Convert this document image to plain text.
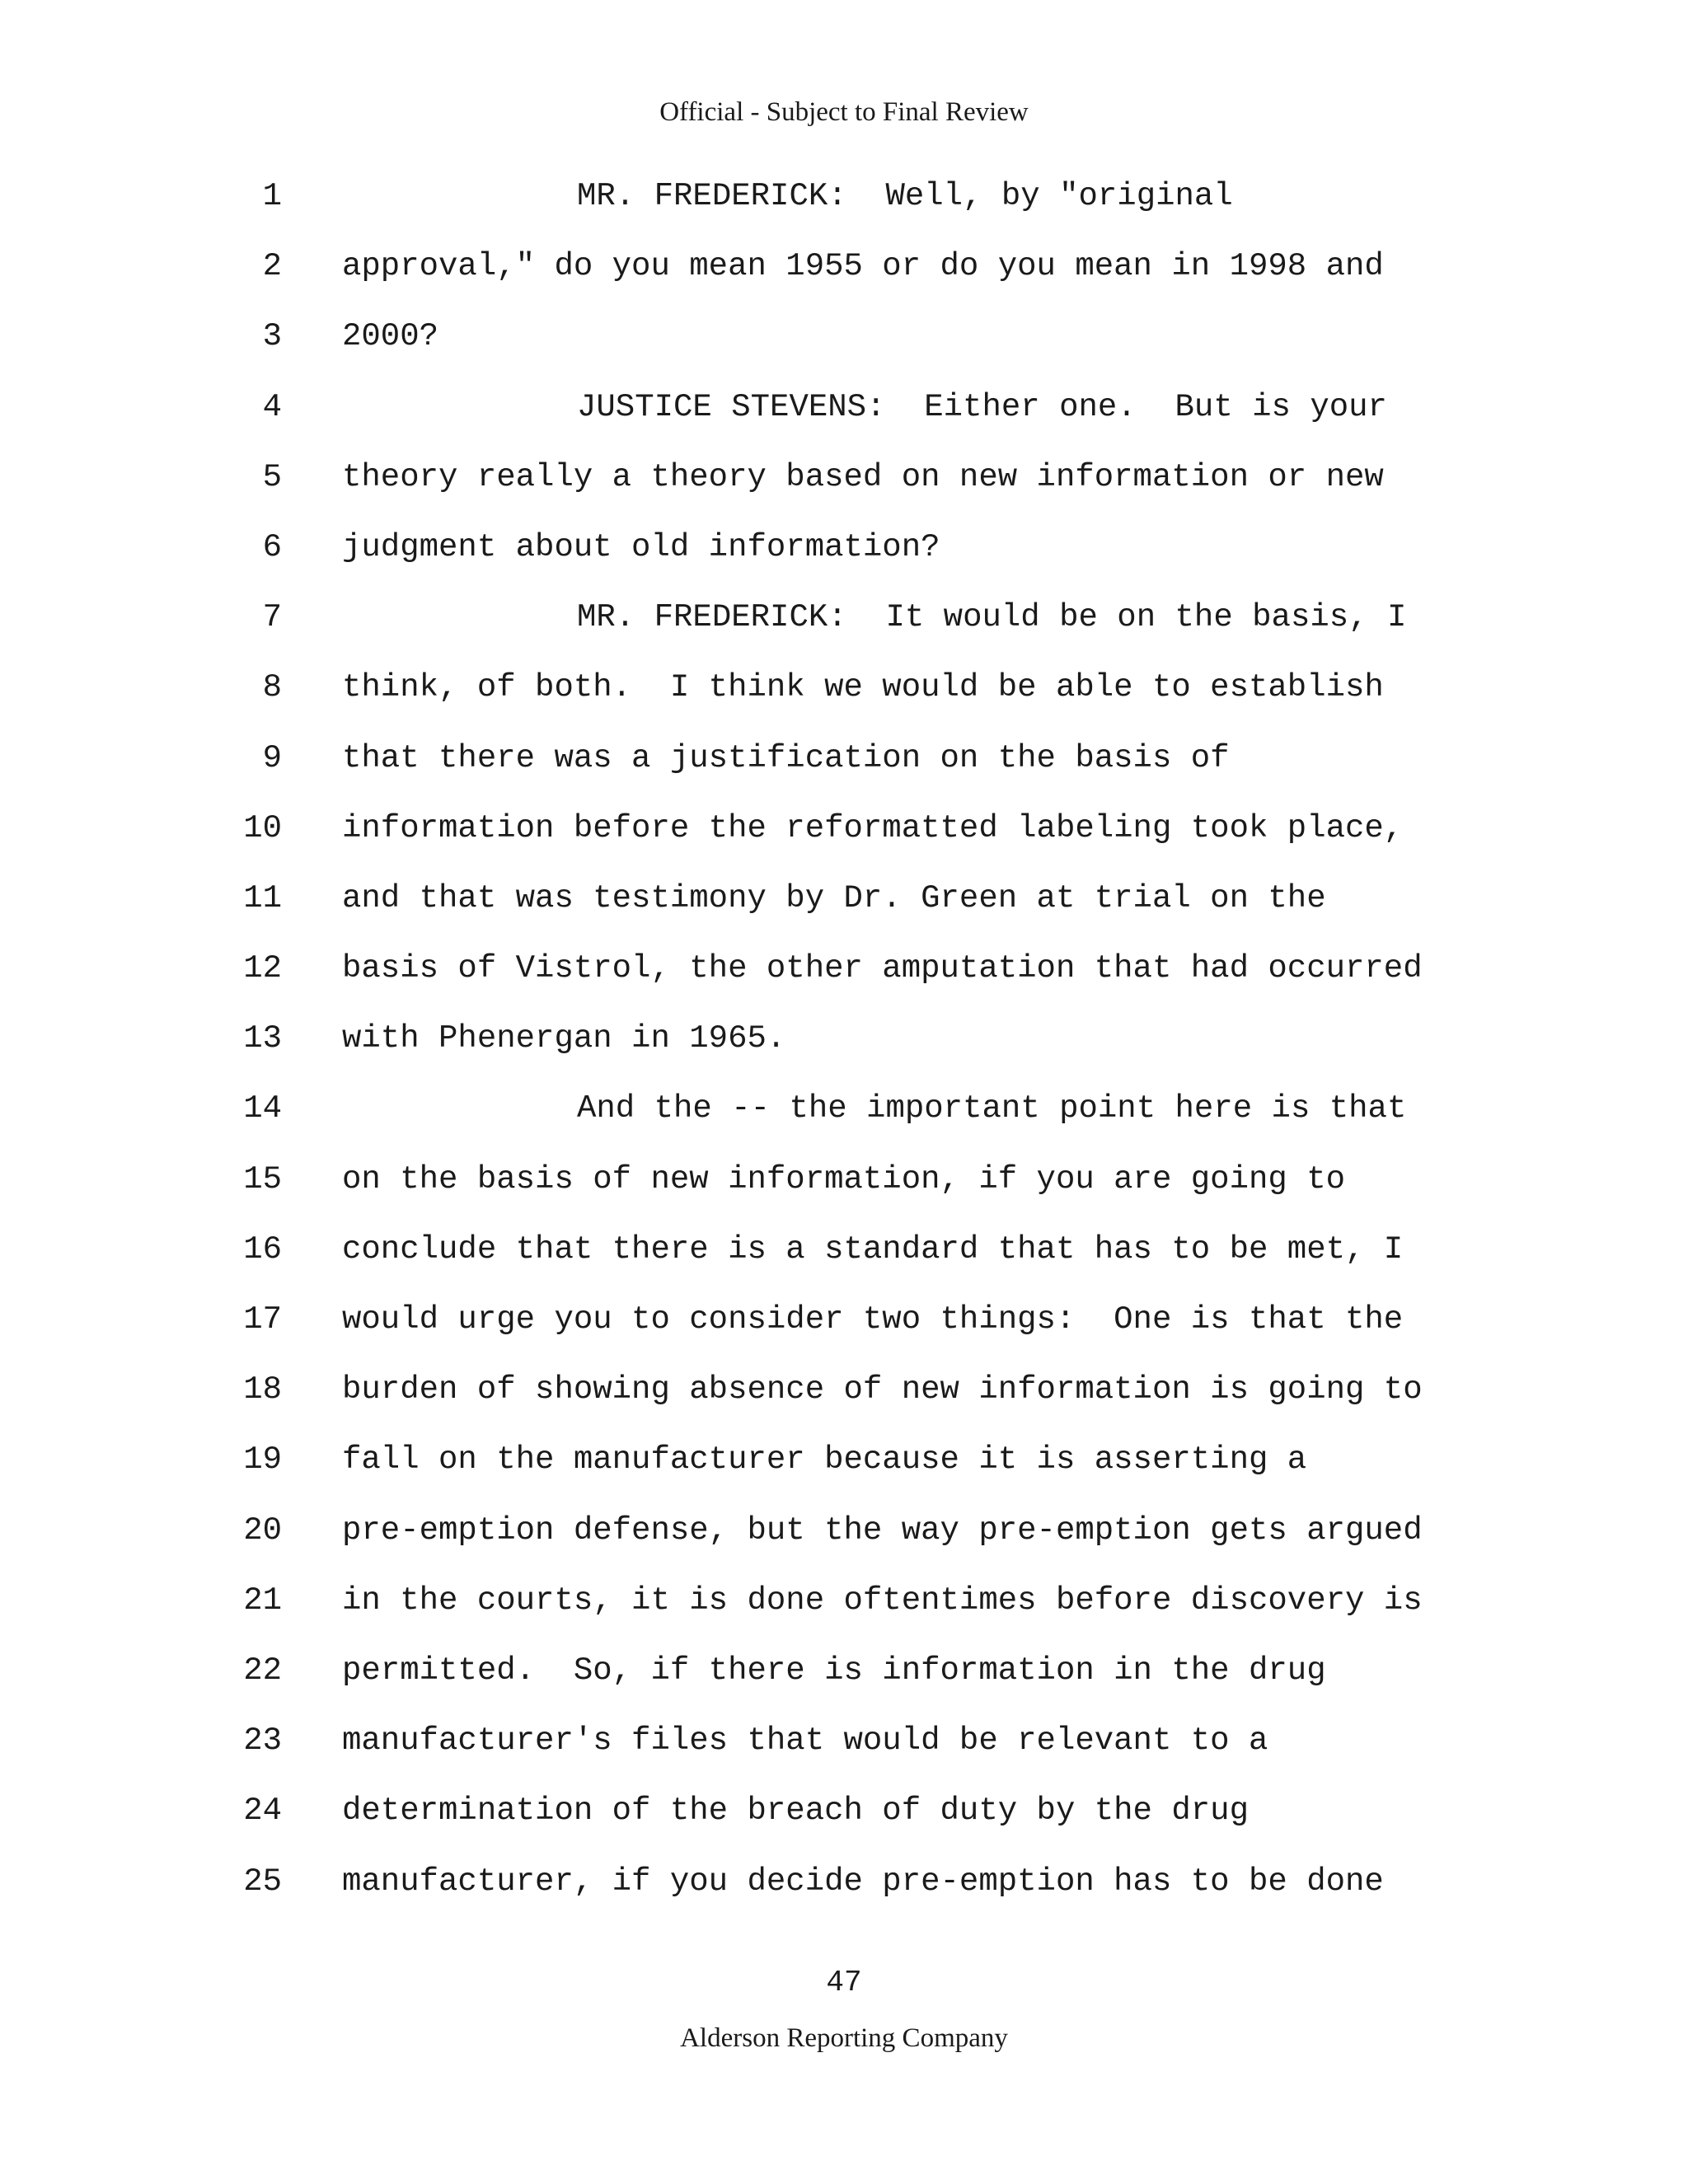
Official - Subject to Final Review
1	MR. FREDERICK:  Well, by "original
2 approval," do you mean 1955 or do you mean in 1998 and
3 2000?
4	JUSTICE STEVENS:  Either one.  But is your
5 theory really a theory based on new information or new
6 judgment about old information?
7	MR. FREDERICK:  It would be on the basis, I
8 think, of both.  I think we would be able to establish
9 that there was a justification on the basis of
10 information before the reformatted labeling took place,
11 and that was testimony by Dr. Green at trial on the
12 basis of Vistrol, the other amputation that had occurred
13 with Phenergan in 1965.
14	And the -- the important point here is that
15 on the basis of new information, if you are going to
16 conclude that there is a standard that has to be met, I
17 would urge you to consider two things:  One is that the
18 burden of showing absence of new information is going to
19 fall on the manufacturer because it is asserting a
20 pre-emption defense, but the way pre-emption gets argued
21 in the courts, it is done oftentimes before discovery is
22 permitted.  So, if there is information in the drug
23 manufacturer's files that would be relevant to a
24 determination of the breach of duty by the drug
25 manufacturer, if you decide pre-emption has to be done
47
Alderson Reporting Company
